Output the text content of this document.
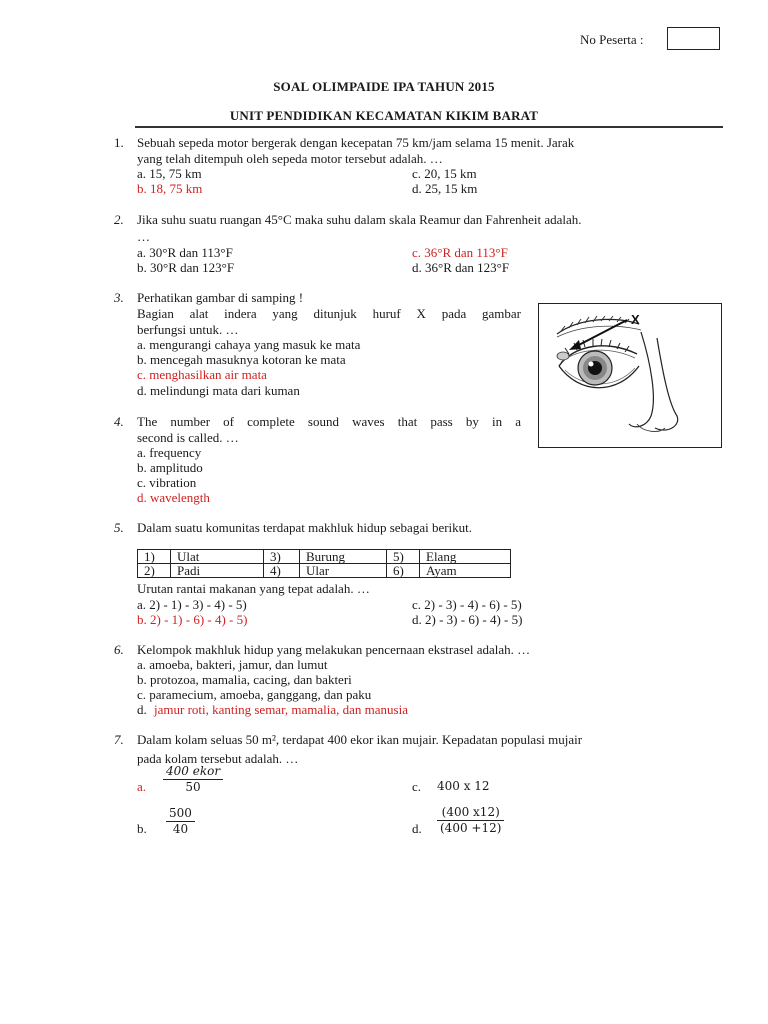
No Peserta :
SOAL OLIMPAIDE IPA TAHUN 2015
UNIT PENDIDIKAN KECAMATAN KIKIM BARAT
1. Sebuah sepeda motor bergerak dengan kecepatan 75 km/jam selama 15 menit. Jarak
yang telah ditempuh oleh sepeda motor tersebut adalah. …
a. 15, 75 km
b. 18, 75 km
c. 20, 15 km
d. 25, 15 km
2. Jika suhu suatu ruangan 45°C maka suhu dalam skala Reamur dan Fahrenheit adalah.
…
a. 30°R dan 113°F
b. 30°R dan 123°F
c. 36°R dan 113°F
d. 36°R dan 123°F
3. Perhatikan gambar di samping !
Bagian alat indera yang ditunjuk huruf X pada gambar
berfungsi untuk. …
a. mengurangi cahaya yang masuk ke mata
b. mencegah masuknya kotoran ke mata
c. menghasilkan air mata
d. melindungi mata dari kuman
X
4. The number of complete sound waves that pass by in a
second is called. …
a. frequency
b. amplitudo
c. vibration
d. wavelength
5. Dalam suatu komunitas terdapat makhluk hidup sebagai berikut.
1)	Ulat	3)	Burung	5)	Elang
2)	Padi	4)	Ular	6)	Ayam
Urutan rantai makanan yang tepat adalah. …
a. 2) - 1) - 3) - 4) - 5)
b. 2) - 1) - 6) - 4) - 5)
c. 2) - 3) - 4) - 6) - 5)
d. 2) - 3) - 6) - 4) - 5)
6. Kelompok makhluk hidup yang melakukan pencernaan ekstrasel adalah. …
a. amoeba, bakteri, jamur, dan lumut
b. protozoa, mamalia, cacing, dan bakteri
c. paramecium, amoeba, ganggang, dan paku
d. jamur roti, kanting semar, mamalia, dan manusia
7. Dalam kolam seluas 50 m², terdapat 400 ekor ikan mujair. Kepadatan populasi mujair
pada kolam tersebut adalah. …
a.
400 ekor
50
b. $\frac{500}{40}$
c. 400 x 12
d. $\frac{(400 x12)}{(400 +12)}$
